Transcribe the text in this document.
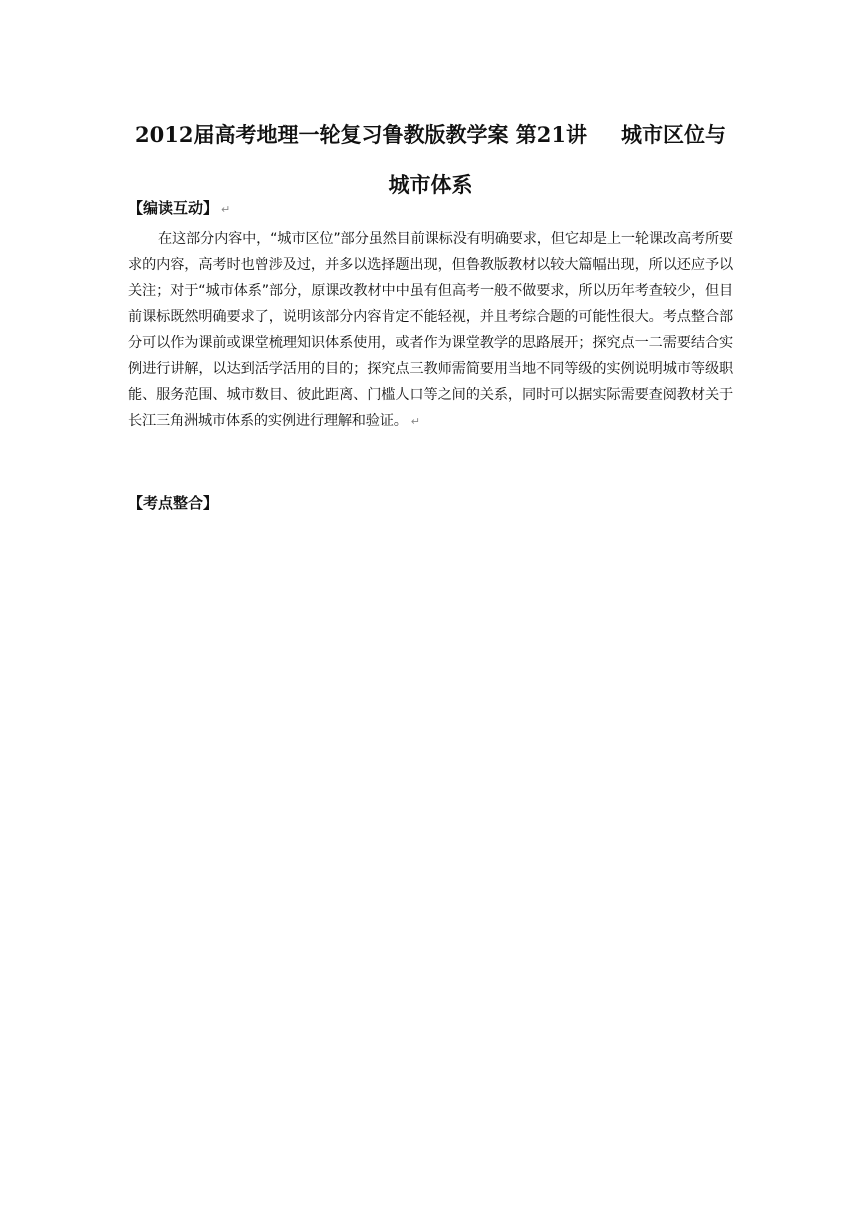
2012届高考地理一轮复习鲁教版教学案 第21讲 城市区位与
城市体系
【编读互动】 ↵

在这部分内容中，“城市区位”部分虽然目前课标没有明确要求，但它却是上一轮课改高考所要求的内容，高考时也曾涉及过，并多以选择题出现，但鲁教版教材以较大篇幅出现，所以还应予以关注；对于“城市体系”部分，原课改教材中中虽有但高考一般不做要求，所以历年考查较少，但目前课标既然明确要求了，说明该部分内容肯定不能轻视，并且考综合题的可能性很大。考点整合部分可以作为课前或课堂梳理知识体系使用，或者作为课堂教学的思路展开；探究点一二需要结合实例进行讲解，以达到活学活用的目的；探究点三教师需简要用当地不同等级的实例说明城市等级职能、服务范围、城市数目、彼此距离、门槛人口等之间的关系，同时可以据实际需要查阅教材关于长江三角洲城市体系的实例进行理解和验证。 ↵

【考点整合】
